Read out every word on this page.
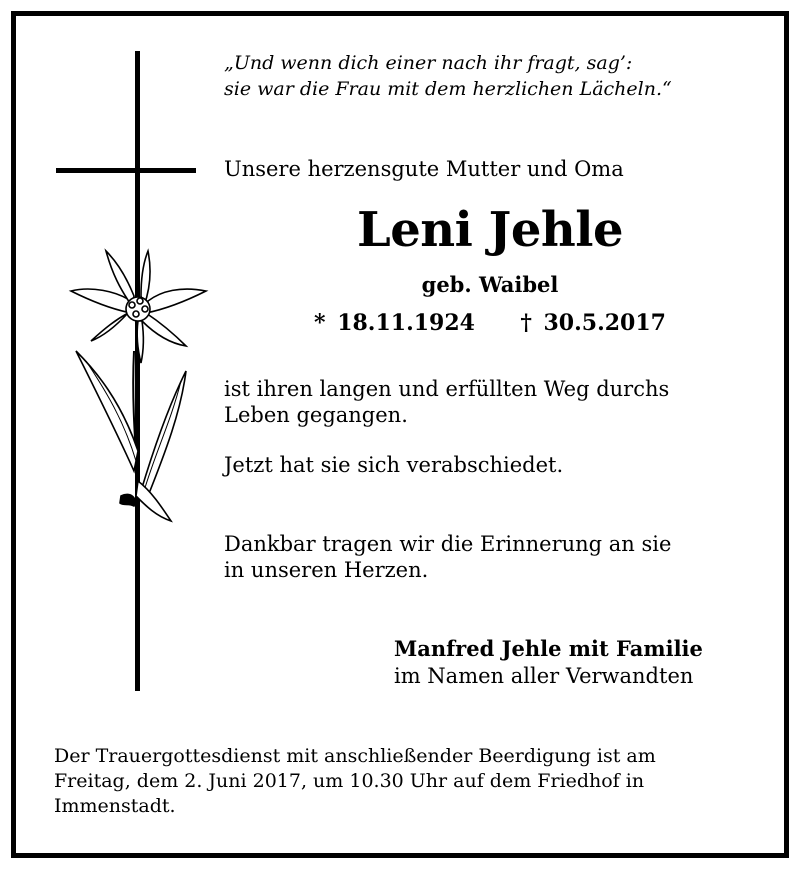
„Und wenn dich einer nach ihr fragt, sag’:
sie war die Frau mit dem herzlichen Lächeln.“
Unsere herzensgute Mutter und Oma
Leni Jehle
geb. Waibel
* 18.11.1924 † 30.5.2017
ist ihren langen und erfüllten Weg durchs
Leben gegangen.
Jetzt hat sie sich verabschiedet.
Dankbar tragen wir die Erinnerung an sie
in unseren Herzen.
Manfred Jehle mit Familie
im Namen aller Verwandten
Der Trauergottesdienst mit anschließender Beerdigung ist am
Freitag, dem 2. Juni 2017, um 10.30 Uhr auf dem Friedhof in
Immenstadt.
